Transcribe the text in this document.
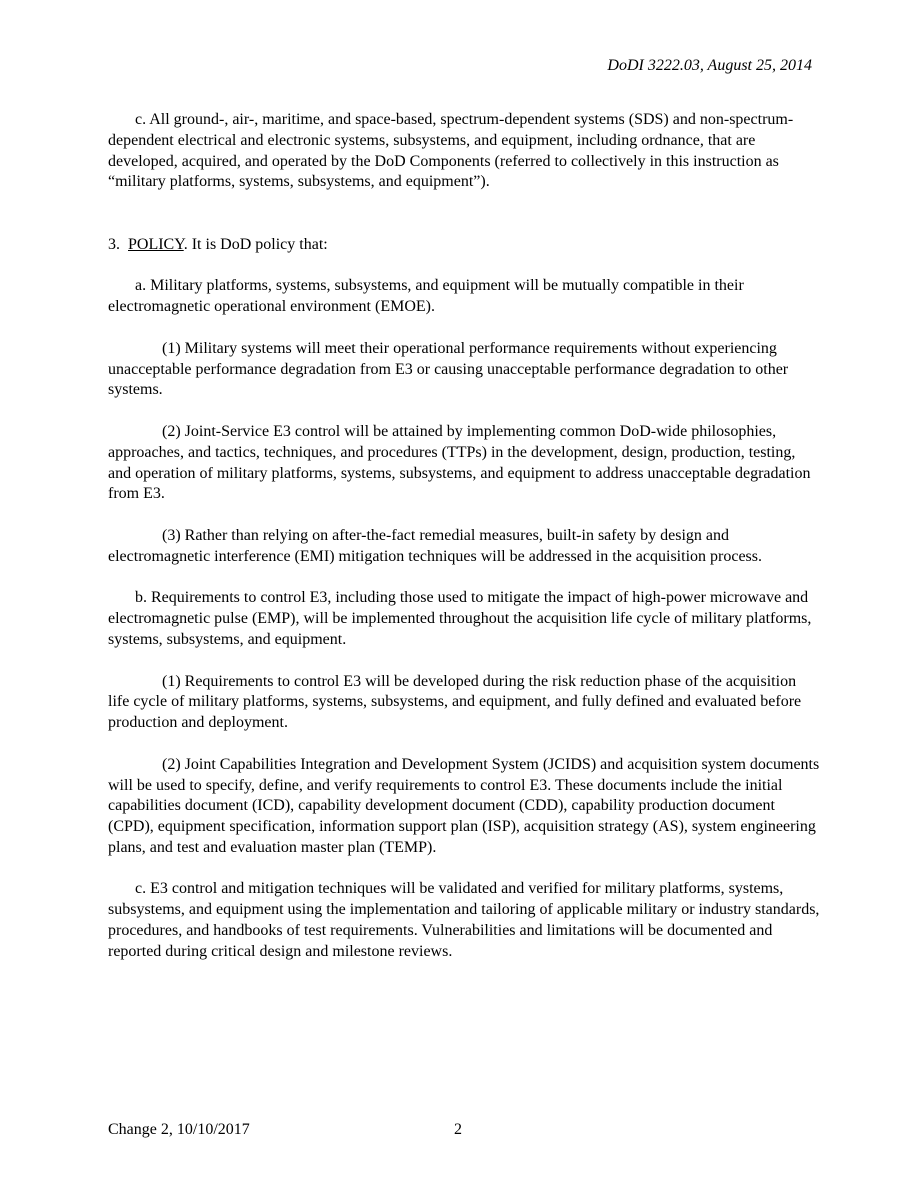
DoDI 3222.03, August 25, 2014

c. All ground-, air-, maritime, and space-based, spectrum-dependent systems (SDS) and non-spectrum-dependent electrical and electronic systems, subsystems, and equipment, including ordnance, that are developed, acquired, and operated by the DoD Components (referred to collectively in this instruction as “military platforms, systems, subsystems, and equipment”).

3. POLICY. It is DoD policy that:

a. Military platforms, systems, subsystems, and equipment will be mutually compatible in their electromagnetic operational environment (EMOE).

(1) Military systems will meet their operational performance requirements without experiencing unacceptable performance degradation from E3 or causing unacceptable performance degradation to other systems.

(2) Joint-Service E3 control will be attained by implementing common DoD-wide philosophies, approaches, and tactics, techniques, and procedures (TTPs) in the development, design, production, testing, and operation of military platforms, systems, subsystems, and equipment to address unacceptable degradation from E3.

(3) Rather than relying on after-the-fact remedial measures, built-in safety by design and electromagnetic interference (EMI) mitigation techniques will be addressed in the acquisition process.

b. Requirements to control E3, including those used to mitigate the impact of high-power microwave and electromagnetic pulse (EMP), will be implemented throughout the acquisition life cycle of military platforms, systems, subsystems, and equipment.

(1) Requirements to control E3 will be developed during the risk reduction phase of the acquisition life cycle of military platforms, systems, subsystems, and equipment, and fully defined and evaluated before production and deployment.

(2) Joint Capabilities Integration and Development System (JCIDS) and acquisition system documents will be used to specify, define, and verify requirements to control E3. These documents include the initial capabilities document (ICD), capability development document (CDD), capability production document (CPD), equipment specification, information support plan (ISP), acquisition strategy (AS), system engineering plans, and test and evaluation master plan (TEMP).

c. E3 control and mitigation techniques will be validated and verified for military platforms, systems, subsystems, and equipment using the implementation and tailoring of applicable military or industry standards, procedures, and handbooks of test requirements. Vulnerabilities and limitations will be documented and reported during critical design and milestone reviews.

Change 2, 10/10/2017	2
